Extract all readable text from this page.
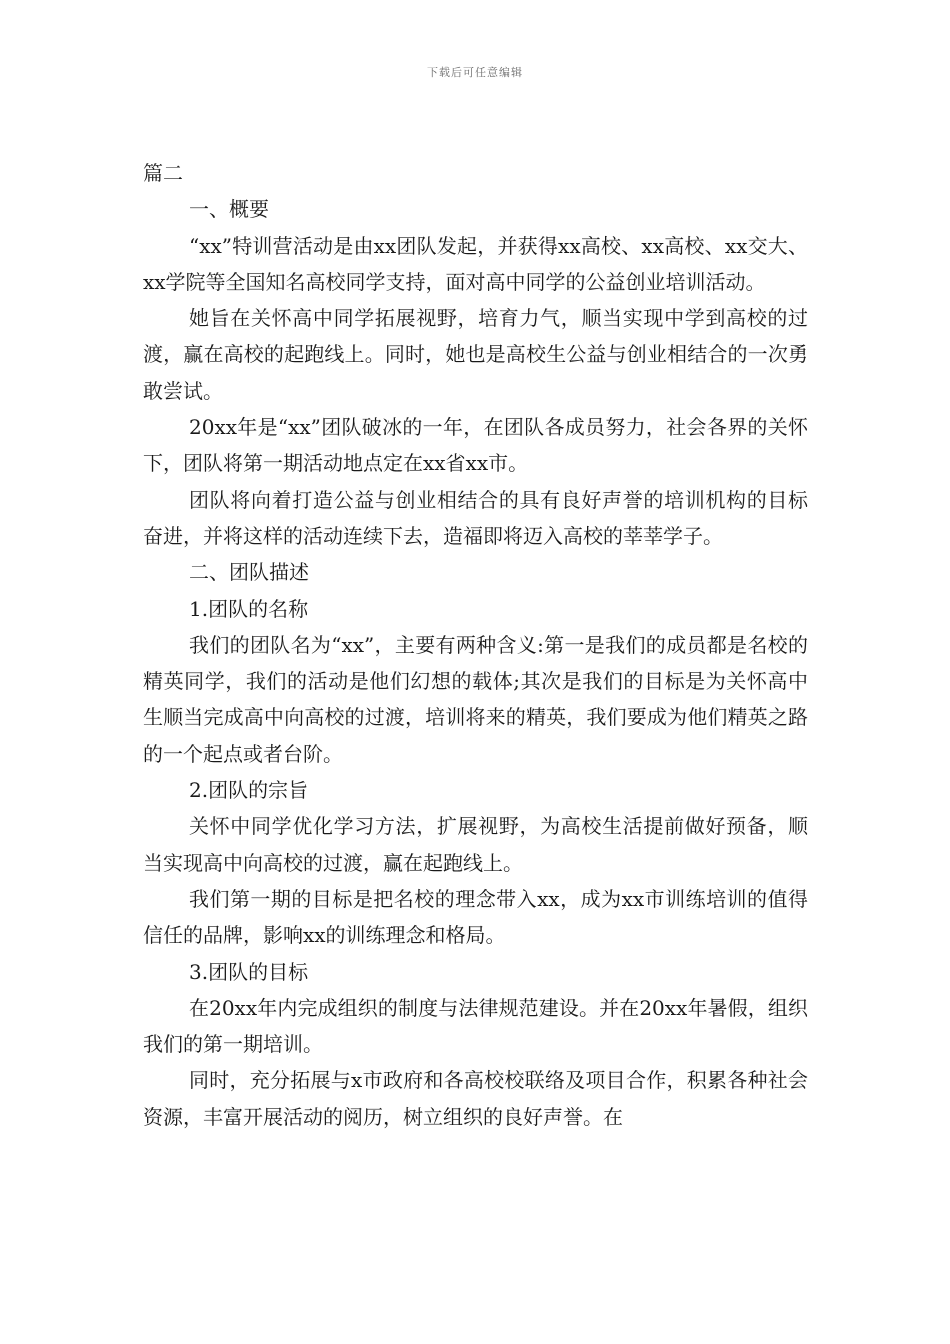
下载后可任意编辑

篇二

一、概要

“xx”特训营活动是由xx团队发起，并获得xx高校、xx高校、xx交大、xx学院等全国知名高校同学支持，面对高中同学的公益创业培训活动。

她旨在关怀高中同学拓展视野，培育力气，顺当实现中学到高校的过渡，赢在高校的起跑线上。同时，她也是高校生公益与创业相结合的一次勇敢尝试。

20xx年是“xx”团队破冰的一年，在团队各成员努力，社会各界的关怀下，团队将第一期活动地点定在xx省xx市。

团队将向着打造公益与创业相结合的具有良好声誉的培训机构的目标奋进，并将这样的活动连续下去，造福即将迈入高校的莘莘学子。

二、团队描述

1.团队的名称

我们的团队名为“xx”，主要有两种含义:第一是我们的成员都是名校的精英同学，我们的活动是他们幻想的载体;其次是我们的目标是为关怀高中生顺当完成高中向高校的过渡，培训将来的精英，我们要成为他们精英之路的一个起点或者台阶。

2.团队的宗旨

关怀中同学优化学习方法，扩展视野，为高校生活提前做好预备，顺当实现高中向高校的过渡，赢在起跑线上。

我们第一期的目标是把名校的理念带入xx，成为xx市训练培训的值得信任的品牌，影响xx的训练理念和格局。

3.团队的目标

在20xx年内完成组织的制度与法律规范建设。并在20xx年暑假，组织我们的第一期培训。

同时，充分拓展与x市政府和各高校校联络及项目合作，积累各种社会资源，丰富开展活动的阅历，树立组织的良好声誉。在
